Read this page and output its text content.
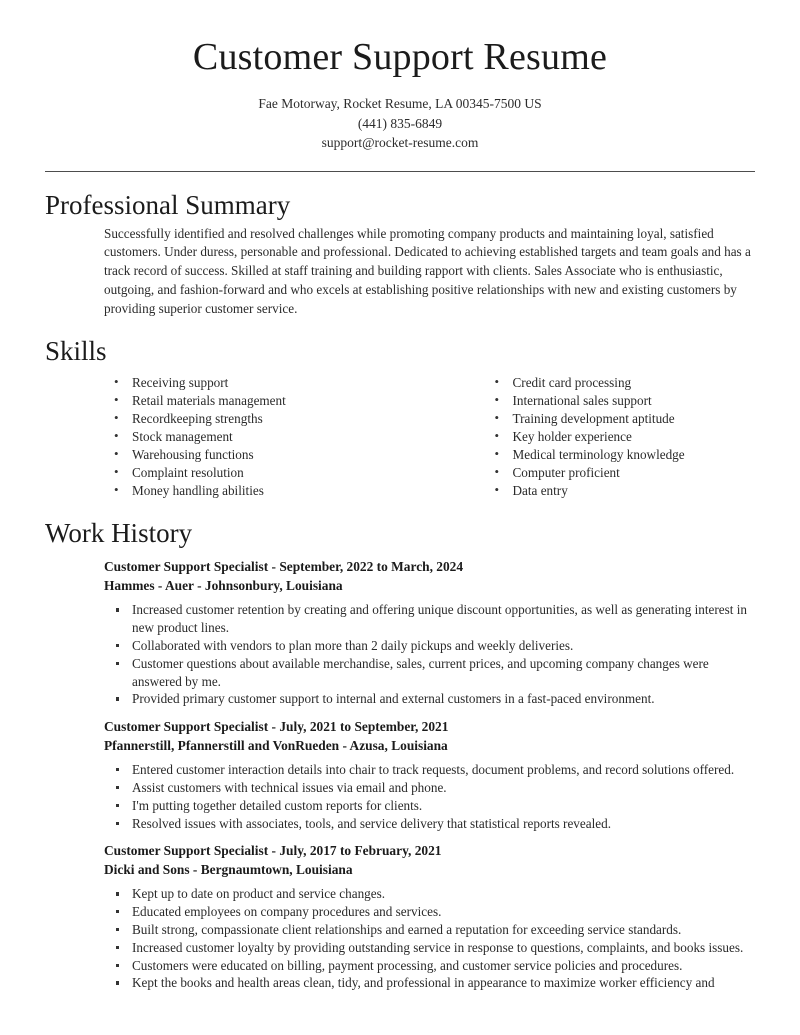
Customer Support Resume

Fae Motorway, Rocket Resume, LA 00345-7500 US

(441) 835-6849

support@rocket-resume.com

Professional Summary

Successfully identified and resolved challenges while promoting company products and maintaining loyal, satisfied customers. Under duress, personable and professional. Dedicated to achieving established targets and team goals and has a track record of success. Skilled at staff training and building rapport with clients. Sales Associate who is enthusiastic, outgoing, and fashion-forward and who excels at establishing positive relationships with new and existing customers by providing superior customer service.

Skills
• Receiving support
• Retail materials management
• Recordkeeping strengths
• Stock management
• Warehousing functions
• Complaint resolution
• Money handling abilities
• Credit card processing
• International sales support
• Training development aptitude
• Key holder experience
• Medical terminology knowledge
• Computer proficient
• Data entry
Work History

Customer Support Specialist - September, 2022 to March, 2024

Hammes - Auer - Johnsonbury, Louisiana

Increased customer retention by creating and offering unique discount opportunities, as well as generating interest in new product lines.
Collaborated with vendors to plan more than 2 daily pickups and weekly deliveries.
Customer questions about available merchandise, sales, current prices, and upcoming company changes were answered by me.
Provided primary customer support to internal and external customers in a fast-paced environment.

Customer Support Specialist - July, 2021 to September, 2021

Pfannerstill, Pfannerstill and VonRueden - Azusa, Louisiana

Entered customer interaction details into chair to track requests, document problems, and record solutions offered.
Assist customers with technical issues via email and phone.
I'm putting together detailed custom reports for clients.
Resolved issues with associates, tools, and service delivery that statistical reports revealed.

Customer Support Specialist - July, 2017 to February, 2021

Dicki and Sons - Bergnaumtown, Louisiana

Kept up to date on product and service changes.
Educated employees on company procedures and services.
Built strong, compassionate client relationships and earned a reputation for exceeding service standards.
Increased customer loyalty by providing outstanding service in response to questions, complaints, and books issues.
Customers were educated on billing, payment processing, and customer service policies and procedures.
Kept the books and health areas clean, tidy, and professional in appearance to maximize worker efficiency and
